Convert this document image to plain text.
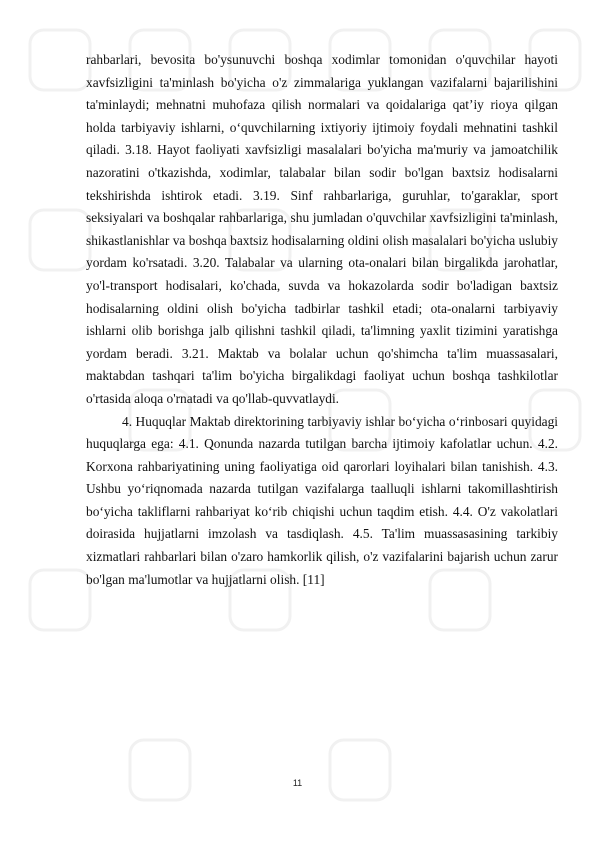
rahbarlari, bevosita bo'ysunuvchi boshqa xodimlar tomonidan o'quvchilar hayoti xavfsizligini ta'minlash bo'yicha o'z zimmalariga yuklangan vazifalarni bajarilishini ta'minlaydi; mehnatni muhofaza qilish normalari va qoidalariga qat’iy rioya qilgan holda tarbiyaviy ishlarni, o‘quvchilarning ixtiyoriy ijtimoiy foydali mehnatini tashkil qiladi. 3.18. Hayot faoliyati xavfsizligi masalalari bo'yicha ma'muriy va jamoatchilik nazoratini o'tkazishda, xodimlar, talabalar bilan sodir bo'lgan baxtsiz hodisalarni tekshirishda ishtirok etadi. 3.19. Sinf rahbarlariga, guruhlar, to'garaklar, sport seksiyalari va boshqalar rahbarlariga, shu jumladan o'quvchilar xavfsizligini ta'minlash, shikastlanishlar va boshqa baxtsiz hodisalarning oldini olish masalalari bo'yicha uslubiy yordam ko'rsatadi. 3.20. Talabalar va ularning ota-onalari bilan birgalikda jarohatlar, yo'l-transport hodisalari, ko'chada, suvda va hokazolarda sodir bo'ladigan baxtsiz hodisalarning oldini olish bo'yicha tadbirlar tashkil etadi; ota-onalarni tarbiyaviy ishlarni olib borishga jalb qilishni tashkil qiladi, ta'limning yaxlit tizimini yaratishga yordam beradi. 3.21. Maktab va bolalar uchun qo'shimcha ta'lim muassasalari, maktabdan tashqari ta'lim bo'yicha birgalikdagi faoliyat uchun boshqa tashkilotlar o'rtasida aloqa o'rnatadi va qo'llab-quvvatlaydi.

4. Huquqlar Maktab direktorining tarbiyaviy ishlar bo‘yicha o‘rinbosari quyidagi huquqlarga ega: 4.1. Qonunda nazarda tutilgan barcha ijtimoiy kafolatlar uchun. 4.2. Korxona rahbariyatining uning faoliyatiga oid qarorlari loyihalari bilan tanishish. 4.3. Ushbu yo‘riqnomada nazarda tutilgan vazifalarga taalluqli ishlarni takomillashtirish bo‘yicha takliflarni rahbariyat ko‘rib chiqishi uchun taqdim etish. 4.4. O'z vakolatlari doirasida hujjatlarni imzolash va tasdiqlash. 4.5. Ta'lim muassasasining tarkibiy xizmatlari rahbarlari bilan o'zaro hamkorlik qilish, o'z vazifalarini bajarish uchun zarur bo'lgan ma'lumotlar va hujjatlarni olish. [11]

11
